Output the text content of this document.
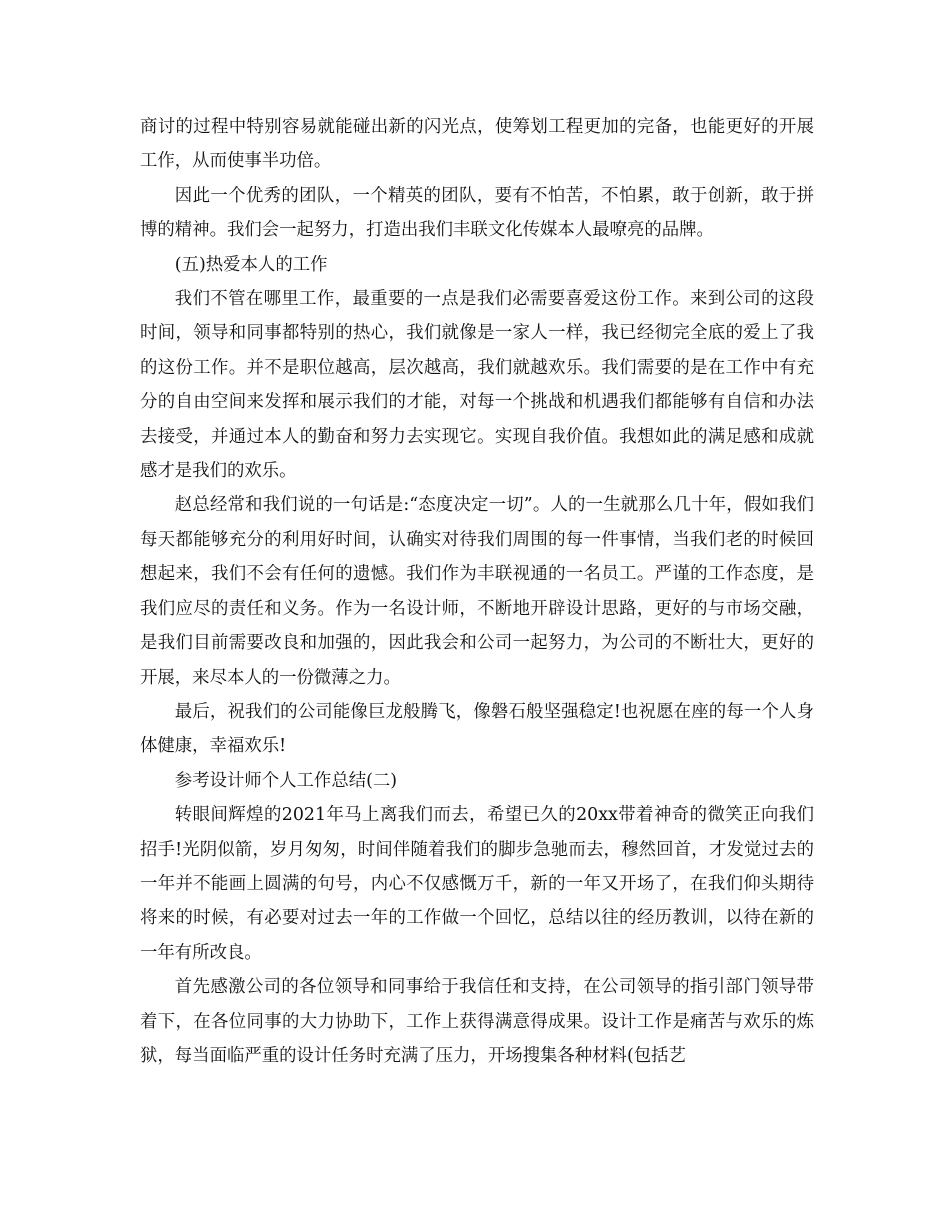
商讨的过程中特别容易就能碰出新的闪光点，使筹划工程更加的完备，也能更好的开展工作，从而使事半功倍。

因此一个优秀的团队，一个精英的团队，要有不怕苦，不怕累，敢于创新，敢于拼博的精神。我们会一起努力，打造出我们丰联文化传媒本人最嘹亮的品牌。

(五)热爱本人的工作

我们不管在哪里工作，最重要的一点是我们必需要喜爱这份工作。来到公司的这段时间，领导和同事都特别的热心，我们就像是一家人一样，我已经彻完全底的爱上了我的这份工作。并不是职位越高，层次越高，我们就越欢乐。我们需要的是在工作中有充分的自由空间来发挥和展示我们的才能，对每一个挑战和机遇我们都能够有自信和办法去接受，并通过本人的勤奋和努力去实现它。实现自我价值。我想如此的满足感和成就感才是我们的欢乐。

赵总经常和我们说的一句话是:“态度决定一切”。人的一生就那么几十年，假如我们每天都能够充分的利用好时间，认确实对待我们周围的每一件事情，当我们老的时候回想起来，我们不会有任何的遗憾。我们作为丰联视通的一名员工。严谨的工作态度，是我们应尽的责任和义务。作为一名设计师，不断地开辟设计思路，更好的与市场交融，是我们目前需要改良和加强的，因此我会和公司一起努力，为公司的不断壮大，更好的开展，来尽本人的一份微薄之力。

最后，祝我们的公司能像巨龙般腾飞，像磐石般坚强稳定!也祝愿在座的每一个人身体健康，幸福欢乐!

参考设计师个人工作总结(二)

转眼间辉煌的2021年马上离我们而去，希望已久的20xx带着神奇的微笑正向我们招手!光阴似箭，岁月匆匆，时间伴随着我们的脚步急驰而去，穆然回首，才发觉过去的一年并不能画上圆满的句号，内心不仅感慨万千，新的一年又开场了，在我们仰头期待将来的时候，有必要对过去一年的工作做一个回忆，总结以往的经历教训，以待在新的一年有所改良。

首先感激公司的各位领导和同事给于我信任和支持，在公司领导的指引部门领导带着下，在各位同事的大力协助下，工作上获得满意得成果。设计工作是痛苦与欢乐的炼狱，每当面临严重的设计任务时充满了压力，开场搜集各种材料(包括艺
